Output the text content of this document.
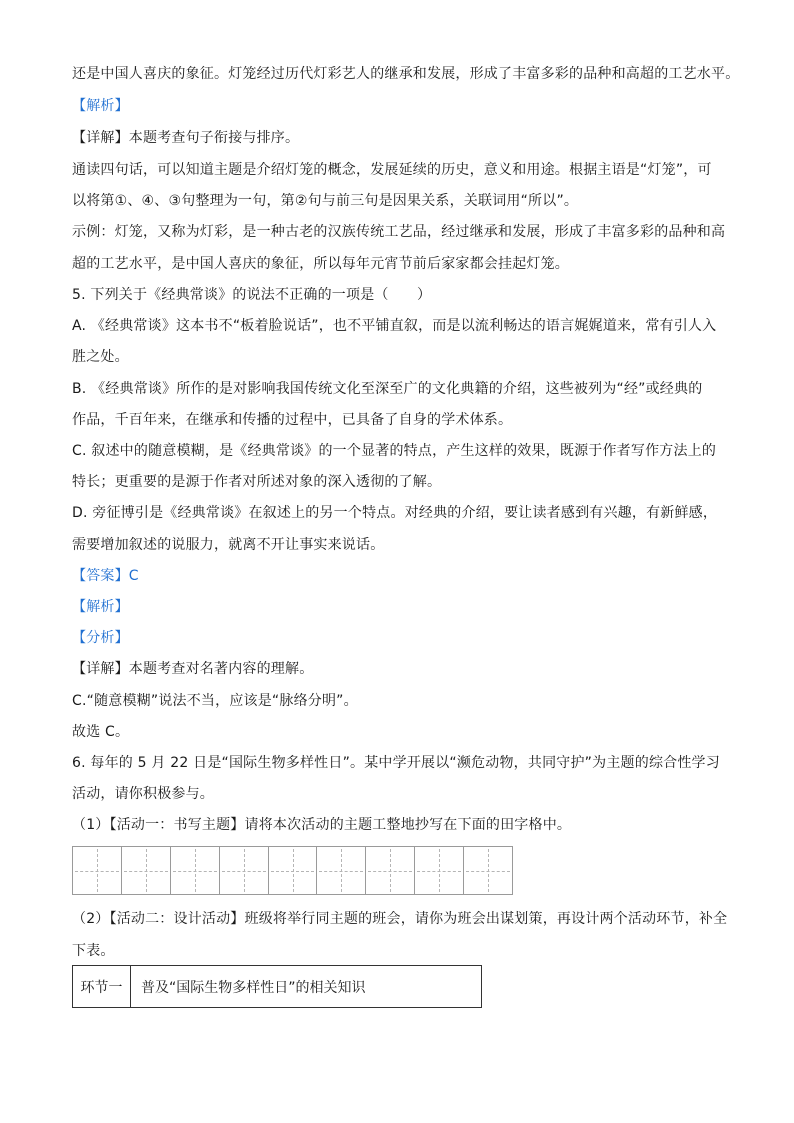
还是中国人喜庆的象征。灯笼经过历代灯彩艺人的继承和发展，形成了丰富多彩的品种和高超的工艺水平。
【解析】
【详解】本题考查句子衔接与排序。
通读四句话，可以知道主题是介绍灯笼的概念，发展延续的历史，意义和用途。根据主语是“灯笼”，可
以将第①、④、③句整理为一句，第②句与前三句是因果关系，关联词用“所以”。
示例：灯笼，又称为灯彩，是一种古老的汉族传统工艺品，经过继承和发展，形成了丰富多彩的品种和高
超的工艺水平，是中国人喜庆的象征，所以每年元宵节前后家家都会挂起灯笼。
5. 下列关于《经典常谈》的说法不正确的一项是（　　）
A. 《经典常谈》这本书不“板着脸说话”，也不平铺直叙，而是以流利畅达的语言娓娓道来，常有引人入
胜之处。
B. 《经典常谈》所作的是对影响我国传统文化至深至广的文化典籍的介绍，这些被列为“经”或经典的
作品，千百年来，在继承和传播的过程中，已具备了自身的学术体系。
C. 叙述中的随意模糊，是《经典常谈》的一个显著的特点，产生这样的效果，既源于作者写作方法上的
特长；更重要的是源于作者对所述对象的深入透彻的了解。
D. 旁征博引是《经典常谈》在叙述上的另一个特点。对经典的介绍，要让读者感到有兴趣，有新鲜感，
需要增加叙述的说服力，就离不开让事实来说话。
【答案】C
【解析】
【分析】
【详解】本题考查对名著内容的理解。
C.“随意模糊”说法不当，应该是“脉络分明”。
故选 C。
6. 每年的 5 月 22 日是“国际生物多样性日”。某中学开展以“濒危动物，共同守护”为主题的综合性学习
活动，请你积极参与。
（1）【活动一：书写主题】请将本次活动的主题工整地抄写在下面的田字格中。
（2）【活动二：设计活动】班级将举行同主题的班会，请你为班会出谋划策，再设计两个活动环节，补全
下表。
环节一	普及“国际生物多样性日”的相关知识
